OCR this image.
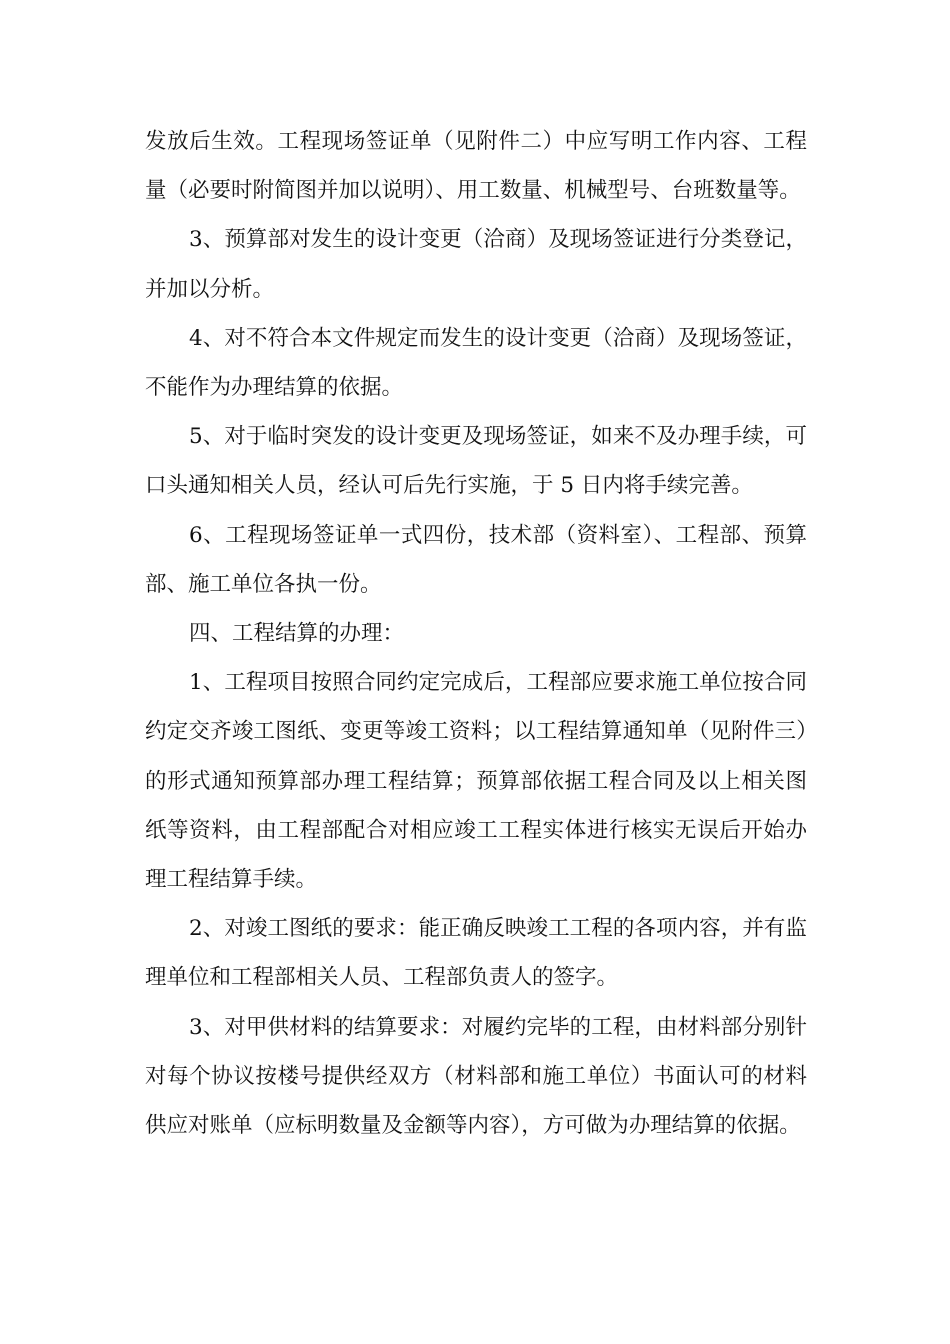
发放后生效。工程现场签证单（见附件二）中应写明工作内容、工程量（必要时附简图并加以说明）、用工数量、机械型号、台班数量等。

3、预算部对发生的设计变更（洽商）及现场签证进行分类登记，并加以分析。

4、对不符合本文件规定而发生的设计变更（洽商）及现场签证，不能作为办理结算的依据。

5、对于临时突发的设计变更及现场签证，如来不及办理手续，可口头通知相关人员，经认可后先行实施，于 5 日内将手续完善。

6、工程现场签证单一式四份，技术部（资料室）、工程部、预算部、施工单位各执一份。

四、工程结算的办理：

1、工程项目按照合同约定完成后，工程部应要求施工单位按合同约定交齐竣工图纸、变更等竣工资料；以工程结算通知单（见附件三）的形式通知预算部办理工程结算；预算部依据工程合同及以上相关图纸等资料，由工程部配合对相应竣工工程实体进行核实无误后开始办理工程结算手续。

2、对竣工图纸的要求：能正确反映竣工工程的各项内容，并有监理单位和工程部相关人员、工程部负责人的签字。

3、对甲供材料的结算要求：对履约完毕的工程，由材料部分别针对每个协议按楼号提供经双方（材料部和施工单位）书面认可的材料供应对账单（应标明数量及金额等内容），方可做为办理结算的依据。
